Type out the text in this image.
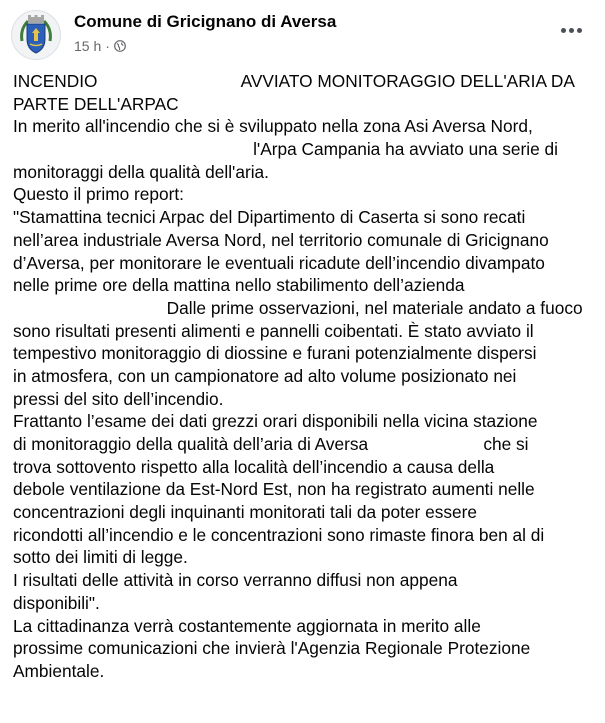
Comune di Gricignano di Aversa
15 h ·
INCENDIO                              AVVIATO MONITORAGGIO DELL'ARIA DA
PARTE DELL'ARPAC
In merito all'incendio che si è sviluppato nella zona Asi Aversa Nord,
l'Arpa Campania ha avviato una serie di
monitoraggi della qualità dell'aria.
Questo il primo report:
"Stamattina tecnici Arpac del Dipartimento di Caserta si sono recati
nell’area industriale Aversa Nord, nel territorio comunale di Gricignano
d’Aversa, per monitorare le eventuali ricadute dell’incendio divampato
nelle prime ore della mattina nello stabilimento dell’azienda
Dalle prime osservazioni, nel materiale andato a fuoco
sono risultati presenti alimenti e pannelli coibentati. È stato avviato il
tempestivo monitoraggio di diossine e furani potenzialmente dispersi
in atmosfera, con un campionatore ad alto volume posizionato nei
pressi del sito dell’incendio.
Frattanto l’esame dei dati grezzi orari disponibili nella vicina stazione
di monitoraggio della qualità dell’aria di Aversa                        che si
trova sottovento rispetto alla località dell’incendio a causa della
debole ventilazione da Est-Nord Est, non ha registrato aumenti nelle
concentrazioni degli inquinanti monitorati tali da poter essere
ricondotti all’incendio e le concentrazioni sono rimaste finora ben al di
sotto dei limiti di legge.
I risultati delle attività in corso verranno diffusi non appena
disponibili".
La cittadinanza verrà costantemente aggiornata in merito alle
prossime comunicazioni che invierà l'Agenzia Regionale Protezione
Ambientale.
